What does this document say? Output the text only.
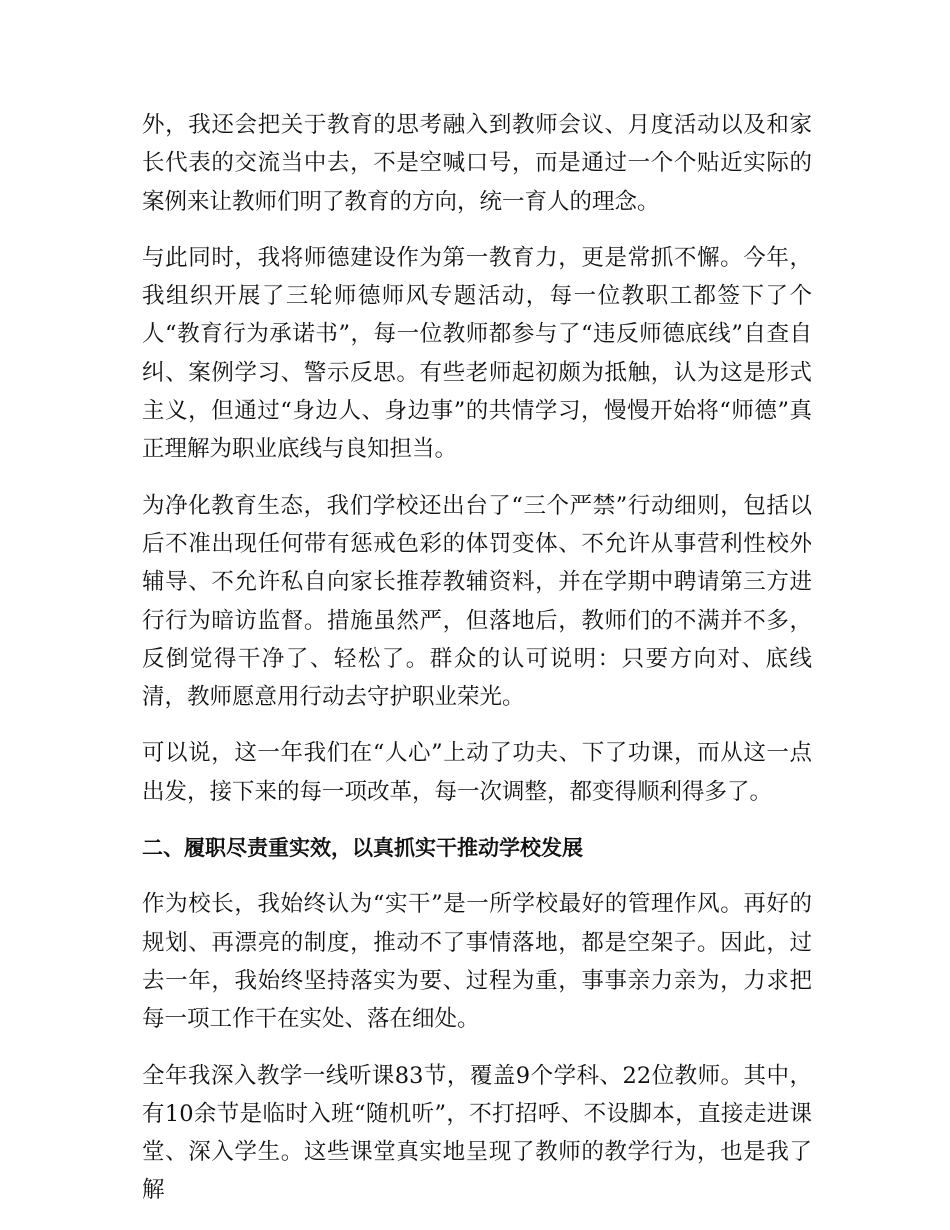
外，我还会把关于教育的思考融入到教师会议、月度活动以及和家长代表的交流当中去，不是空喊口号，而是通过一个个贴近实际的案例来让教师们明了教育的方向，统一育人的理念。

与此同时，我将师德建设作为第一教育力，更是常抓不懈。今年，我组织开展了三轮师德师风专题活动，每一位教职工都签下了个人“教育行为承诺书”，每一位教师都参与了“违反师德底线”自查自纠、案例学习、警示反思。有些老师起初颇为抵触，认为这是形式主义，但通过“身边人、身边事”的共情学习，慢慢开始将“师德”真正理解为职业底线与良知担当。

为净化教育生态，我们学校还出台了“三个严禁”行动细则，包括以后不准出现任何带有惩戒色彩的体罚变体、不允许从事营利性校外辅导、不允许私自向家长推荐教辅资料，并在学期中聘请第三方进行行为暗访监督。措施虽然严，但落地后，教师们的不满并不多，反倒觉得干净了、轻松了。群众的认可说明：只要方向对、底线清，教师愿意用行动去守护职业荣光。

可以说，这一年我们在“人心”上动了功夫、下了功课，而从这一点出发，接下来的每一项改革，每一次调整，都变得顺利得多了。

二、履职尽责重实效，以真抓实干推动学校发展

作为校长，我始终认为“实干”是一所学校最好的管理作风。再好的规划、再漂亮的制度，推动不了事情落地，都是空架子。因此，过去一年，我始终坚持落实为要、过程为重，事事亲力亲为，力求把每一项工作干在实处、落在细处。

全年我深入教学一线听课83节，覆盖9个学科、22位教师。其中，有10余节是临时入班“随机听”，不打招呼、不设脚本，直接走进课堂、深入学生。这些课堂真实地呈现了教师的教学行为，也是我了解
